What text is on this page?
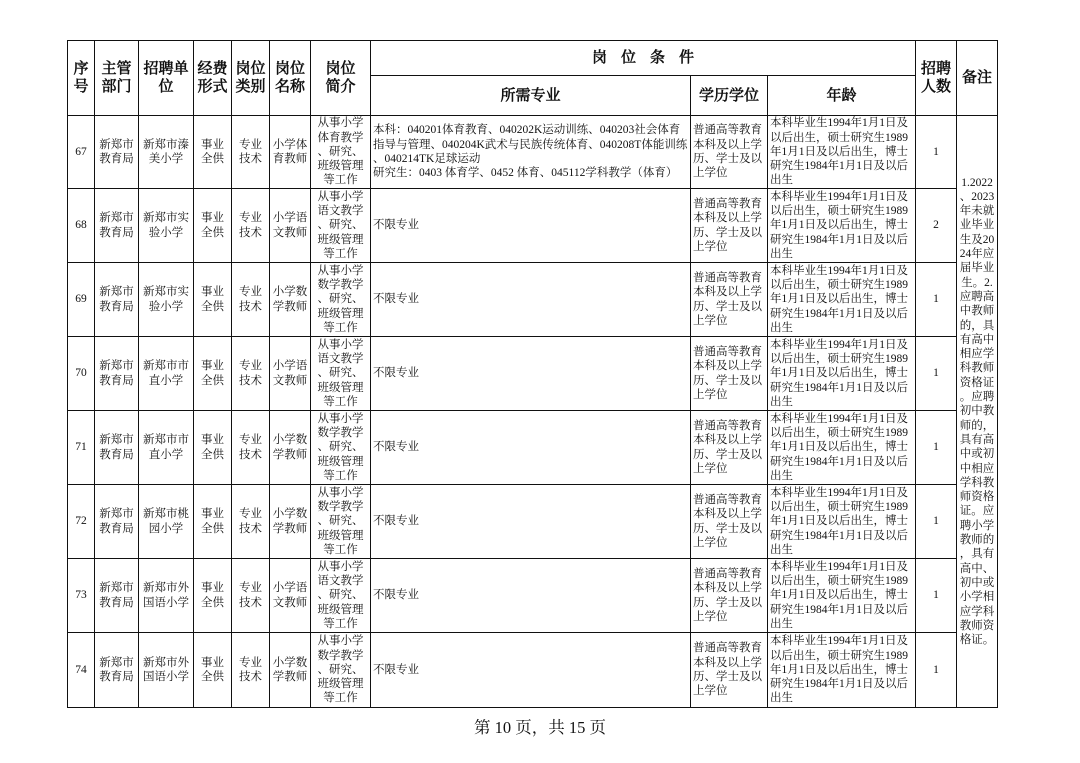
序号	主管部门	招聘单位	经费形式	岗位类别	岗位名称	岗位简介	岗位条件			招聘人数	备注
							所需专业	学历学位	年龄		
67	新郑市教育局	新郑市溱美小学	事业全供	专业技术	小学体育教师	从事小学体育教学、研究、班级管理等工作	本科：040201体育教育、040202K运动训练、040203社会体育指导与管理、040204K武术与民族传统体育、040208T体能训练、040214TK足球运动
研究生：0403 体育学、0452 体育、045112学科教学（体育）	普通高等教育本科及以上学历、学士及以上学位	本科毕业生1994年1月1日及以后出生，硕士研究生1989年1月1日及以后出生，博士研究生1984年1月1日及以后出生	1	1.2022、2023年未就业毕业生及2024年应届毕业生。2.应聘高中教师的，具有高中相应学科教师资格证。应聘初中教师的，具有高中或初中相应学科教师资格证。应聘小学教师的，具有高中、初中或小学相应学科教师资格证。
68	新郑市教育局	新郑市实验小学	事业全供	专业技术	小学语文教师	从事小学语文教学、研究、班级管理等工作	不限专业	普通高等教育本科及以上学历、学士及以上学位	本科毕业生1994年1月1日及以后出生，硕士研究生1989年1月1日及以后出生，博士研究生1984年1月1日及以后出生	2	
69	新郑市教育局	新郑市实验小学	事业全供	专业技术	小学数学教师	从事小学数学教学、研究、班级管理等工作	不限专业	普通高等教育本科及以上学历、学士及以上学位	本科毕业生1994年1月1日及以后出生，硕士研究生1989年1月1日及以后出生，博士研究生1984年1月1日及以后出生	1	
70	新郑市教育局	新郑市市直小学	事业全供	专业技术	小学语文教师	从事小学语文教学、研究、班级管理等工作	不限专业	普通高等教育本科及以上学历、学士及以上学位	本科毕业生1994年1月1日及以后出生，硕士研究生1989年1月1日及以后出生，博士研究生1984年1月1日及以后出生	1	
71	新郑市教育局	新郑市市直小学	事业全供	专业技术	小学数学教师	从事小学数学教学、研究、班级管理等工作	不限专业	普通高等教育本科及以上学历、学士及以上学位	本科毕业生1994年1月1日及以后出生，硕士研究生1989年1月1日及以后出生，博士研究生1984年1月1日及以后出生	1	
72	新郑市教育局	新郑市桃园小学	事业全供	专业技术	小学数学教师	从事小学数学教学、研究、班级管理等工作	不限专业	普通高等教育本科及以上学历、学士及以上学位	本科毕业生1994年1月1日及以后出生，硕士研究生1989年1月1日及以后出生，博士研究生1984年1月1日及以后出生	1	
73	新郑市教育局	新郑市外国语小学	事业全供	专业技术	小学语文教师	从事小学语文教学、研究、班级管理等工作	不限专业	普通高等教育本科及以上学历、学士及以上学位	本科毕业生1994年1月1日及以后出生，硕士研究生1989年1月1日及以后出生，博士研究生1984年1月1日及以后出生	1	
74	新郑市教育局	新郑市外国语小学	事业全供	专业技术	小学数学教师	从事小学数学教学、研究、班级管理等工作	不限专业	普通高等教育本科及以上学历、学士及以上学位	本科毕业生1994年1月1日及以后出生，硕士研究生1989年1月1日及以后出生，博士研究生1984年1月1日及以后出生	1	
第 10 页，共 15 页
